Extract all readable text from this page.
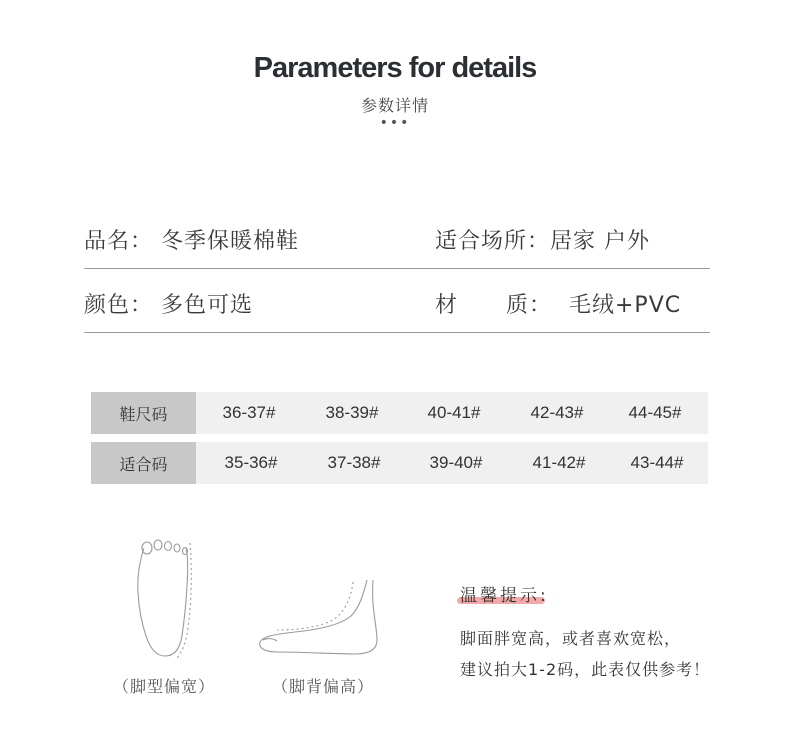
Parameters for details
参数详情
•••
品名： 冬季保暖棉鞋	适合场所：居家 户外
颜色： 多色可选	材      质： 毛绒+PVC
鞋尺码	36-37#	38-39#	40-41#	42-43#	44-45#
适合码	35-36#	37-38#	39-40#	41-42#	43-44#
（脚型偏宽）	（脚背偏高）
温馨提示:
脚面胖宽高，或者喜欢宽松，
建议拍大1-2码，此表仅供参考！
